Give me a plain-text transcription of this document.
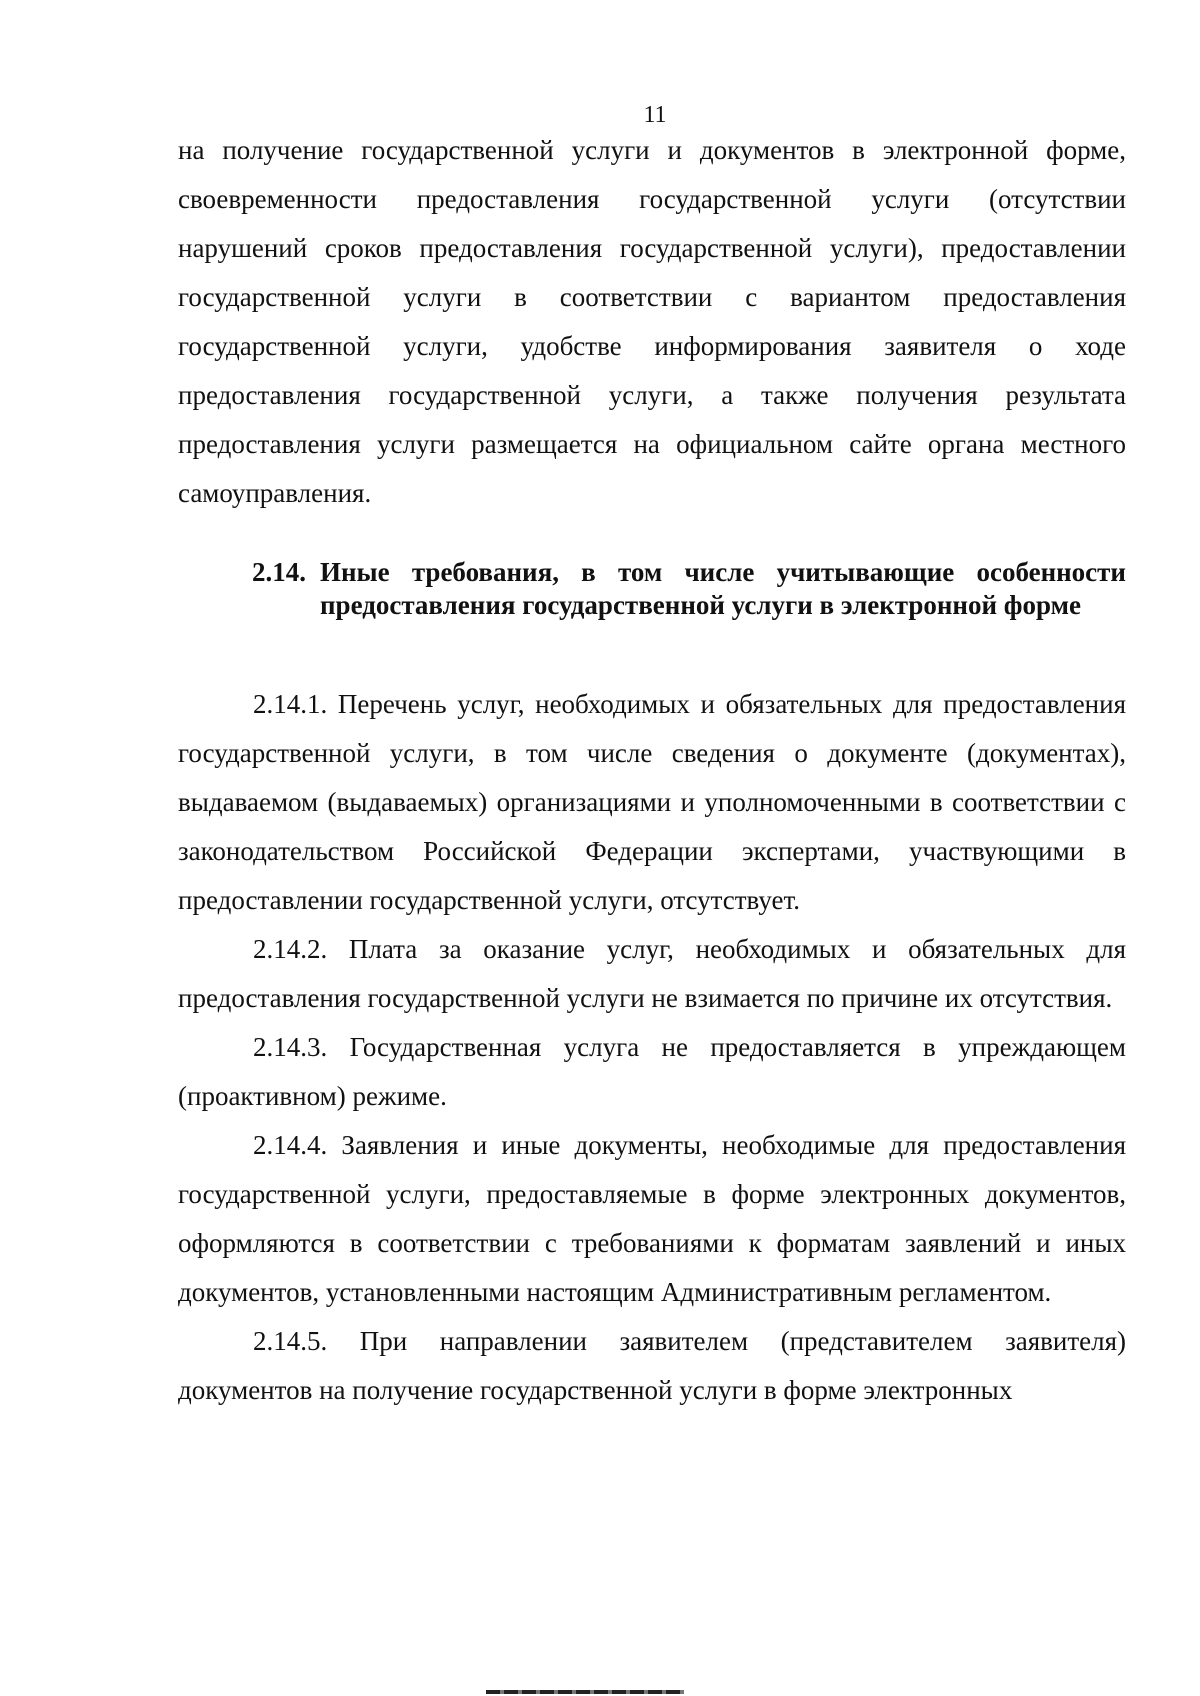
11

на получение государственной услуги и документов в электронной форме, своевременности предоставления государственной услуги (отсутствии нарушений сроков предоставления государственной услуги), предоставлении государственной услуги в соответствии с вариантом предоставления государственной услуги, удобстве информирования заявителя о ходе предоставления государственной услуги, а также получения результата предоставления услуги размещается на официальном сайте органа местного самоуправления.

2.14. Иные требования, в том числе учитывающие особенности предоставления государственной услуги в электронной форме

2.14.1. Перечень услуг, необходимых и обязательных для предоставления государственной услуги, в том числе сведения о документе (документах), выдаваемом (выдаваемых) организациями и уполномоченными в соответствии с законодательством Российской Федерации экспертами, участвующими в предоставлении государственной услуги, отсутствует.

2.14.2. Плата за оказание услуг, необходимых и обязательных для предоставления государственной услуги не взимается по причине их отсутствия.

2.14.3. Государственная услуга не предоставляется в упреждающем (проактивном) режиме.

2.14.4. Заявления и иные документы, необходимые для предоставления государственной услуги, предоставляемые в форме электронных документов, оформляются в соответствии с требованиями к форматам заявлений и иных документов, установленными настоящим Административным регламентом.

2.14.5. При направлении заявителем (представителем заявителя) документов на получение государственной услуги в форме электронных
